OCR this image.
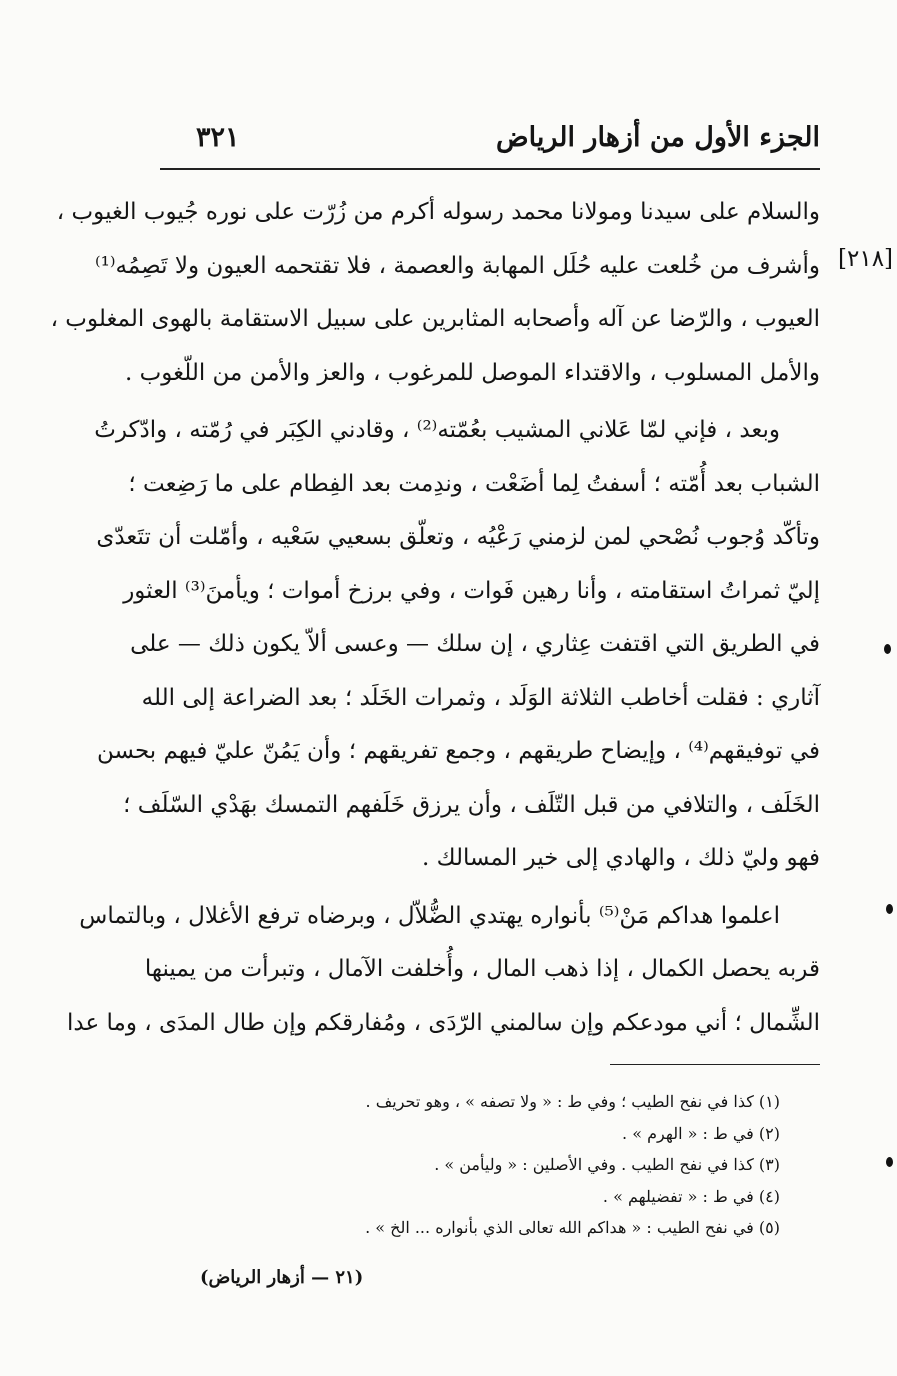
الجزء الأول من أزهار الرياض
٣٢١
[٢١٨]
والسلام على سيدنا ومولانا محمد رسوله أكرم من زُرّت على نوره جُيوب الغيوب ،
وأشرف من خُلعت عليه حُلَل المهابة والعصمة ، فلا تقتحمه العيون ولا تَصِمُه⁽¹⁾
العيوب ، والرّضا عن آله وأصحابه المثابرين على سبيل الاستقامة بالهوى المغلوب ،
والأمل المسلوب ، والاقتداء الموصل للمرغوب ، والعز والأمن من اللّغوب .
وبعد ، فإني لمّا عَلاني المشيب بعُمّته⁽²⁾ ، وقادني الكِبَر في رُمّته ، وادّكرتُ
الشباب بعد أُمّته ؛ أسفتُ لِما أضَعْت ، وندِمت بعد الفِطام على ما رَضِعت ؛
وتأكّد وُجوب نُصْحي لمن لزمني رَعْيُه ، وتعلّق بسعيي سَعْيه ، وأمّلت أن تتَعدّى
إليّ ثمراتُ استقامته ، وأنا رهين فَوات ، وفي برزخ أموات ؛ ويأمنَ⁽³⁾ العثور
في الطريق التي اقتفت عِثاري ، إن سلك — وعسى ألاّ يكون ذلك — على
آثاري : فقلت أخاطب الثلاثة الوَلَد ، وثمرات الخَلَد ؛ بعد الضراعة إلى الله
في توفيقهم⁽⁴⁾ ، وإيضاح طريقهم ، وجمع تفريقهم ؛ وأن يَمُنّ عليّ فيهم بحسن
الخَلَف ، والتلافي من قبل التّلَف ، وأن يرزق خَلَفهم التمسك بهَدْي السّلَف ؛
فهو وليّ ذلك ، والهادي إلى خير المسالك .
اعلموا هداكم مَنْ⁽⁵⁾ بأنواره يهتدي الضُّلاّل ، وبرضاه ترفع الأغلال ، وبالتماس
قربه يحصل الكمال ، إذا ذهب المال ، وأُخلفت الآمال ، وتبرأت من يمينها
الشِّمال ؛ أني مودعكم وإن سالمني الرّدَى ، ومُفارقكم وإن طال المدَى ، وما عدا
(١) كذا في نفح الطيب ؛ وفي ط : « ولا تصفه » ، وهو تحريف .
(٢) في ط : « الهرم » .
(٣) كذا في نفح الطيب . وفي الأصلين : « وليأمن » .
(٤) في ط : « تفضيلهم » .
(٥) في نفح الطيب : « هداكم الله تعالى الذي بأنواره ... الخ » .
(٢١ — أزهار الرياض)
